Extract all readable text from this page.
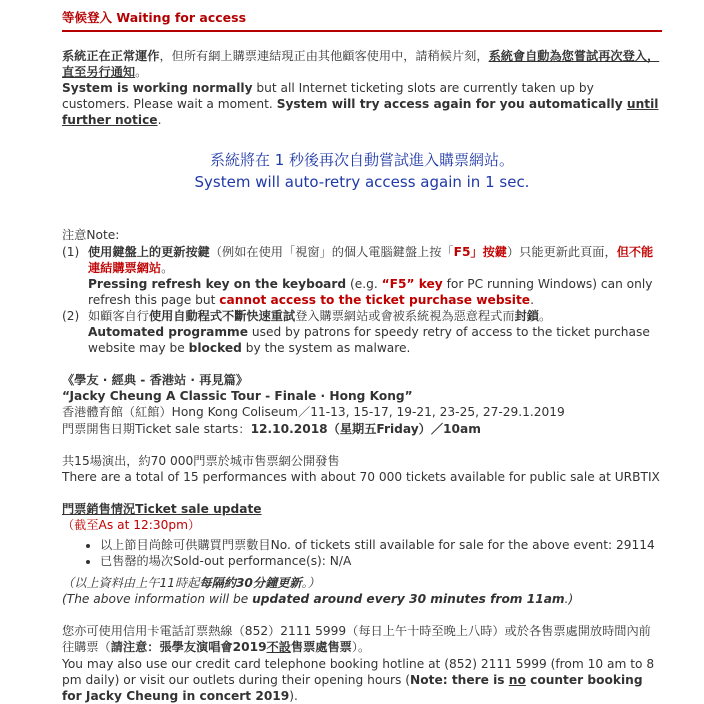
等候登入 Waiting for access
系統正在正常運作，但所有網上購票連結現正由其他顧客使用中，請稍候片刻，系統會自動為您嘗試再次登入，直至另行通知。
System is working normally but all Internet ticketing slots are currently taken up by customers. Please wait a moment. System will try access again for you automatically until further notice.
系統將在 1 秒後再次自動嘗試進入購票網站。
System will auto-retry access again in 1 sec.
注意Note:
(1) 使用鍵盤上的更新按鍵（例如在使用「視窗」的個人電腦鍵盤上按「F5」按鍵）只能更新此頁面，但不能連結購票網站。
Pressing refresh key on the keyboard (e.g. “F5” key for PC running Windows) can only refresh this page but cannot access to the ticket purchase website.
(2) 如顧客自行使用自動程式不斷快速重試登入購票網站或會被系統視為惡意程式而封鎖。
Automated programme used by patrons for speedy retry of access to the ticket purchase website may be blocked by the system as malware.
《學友 · 經典 - 香港站 · 再見篇》
“Jacky Cheung A Classic Tour - Finale · Hong Kong”
香港體育館（紅館）Hong Kong Coliseum／11-13, 15-17, 19-21, 23-25, 27-29.1.2019
門票開售日期Ticket sale starts：12.10.2018（星期五Friday）／10am
共15場演出，約70 000門票於城市售票網公開發售
There are a total of 15 performances with about 70 000 tickets available for public sale at URBTIX
門票銷售情況Ticket sale update
（截至As at 12:30pm）
• 以上節目尚餘可供購買門票數目No. of tickets still available for sale for the above event: 29114
• 已售罄的場次Sold-out performance(s): N/A
（以上資料由上午11時起每隔約30分鐘更新。）
(The above information will be updated around every 30 minutes from 11am.)
您亦可使用信用卡電話訂票熱線（852）2111 5999（每日上午十時至晚上八時）或於各售票處開放時間內前往購票（請注意：張學友演唱會2019不設售票處售票）。
You may also use our credit card telephone booking hotline at (852) 2111 5999 (from 10 am to 8 pm daily) or visit our outlets during their opening hours (Note: there is no counter booking for Jacky Cheung in concert 2019).
